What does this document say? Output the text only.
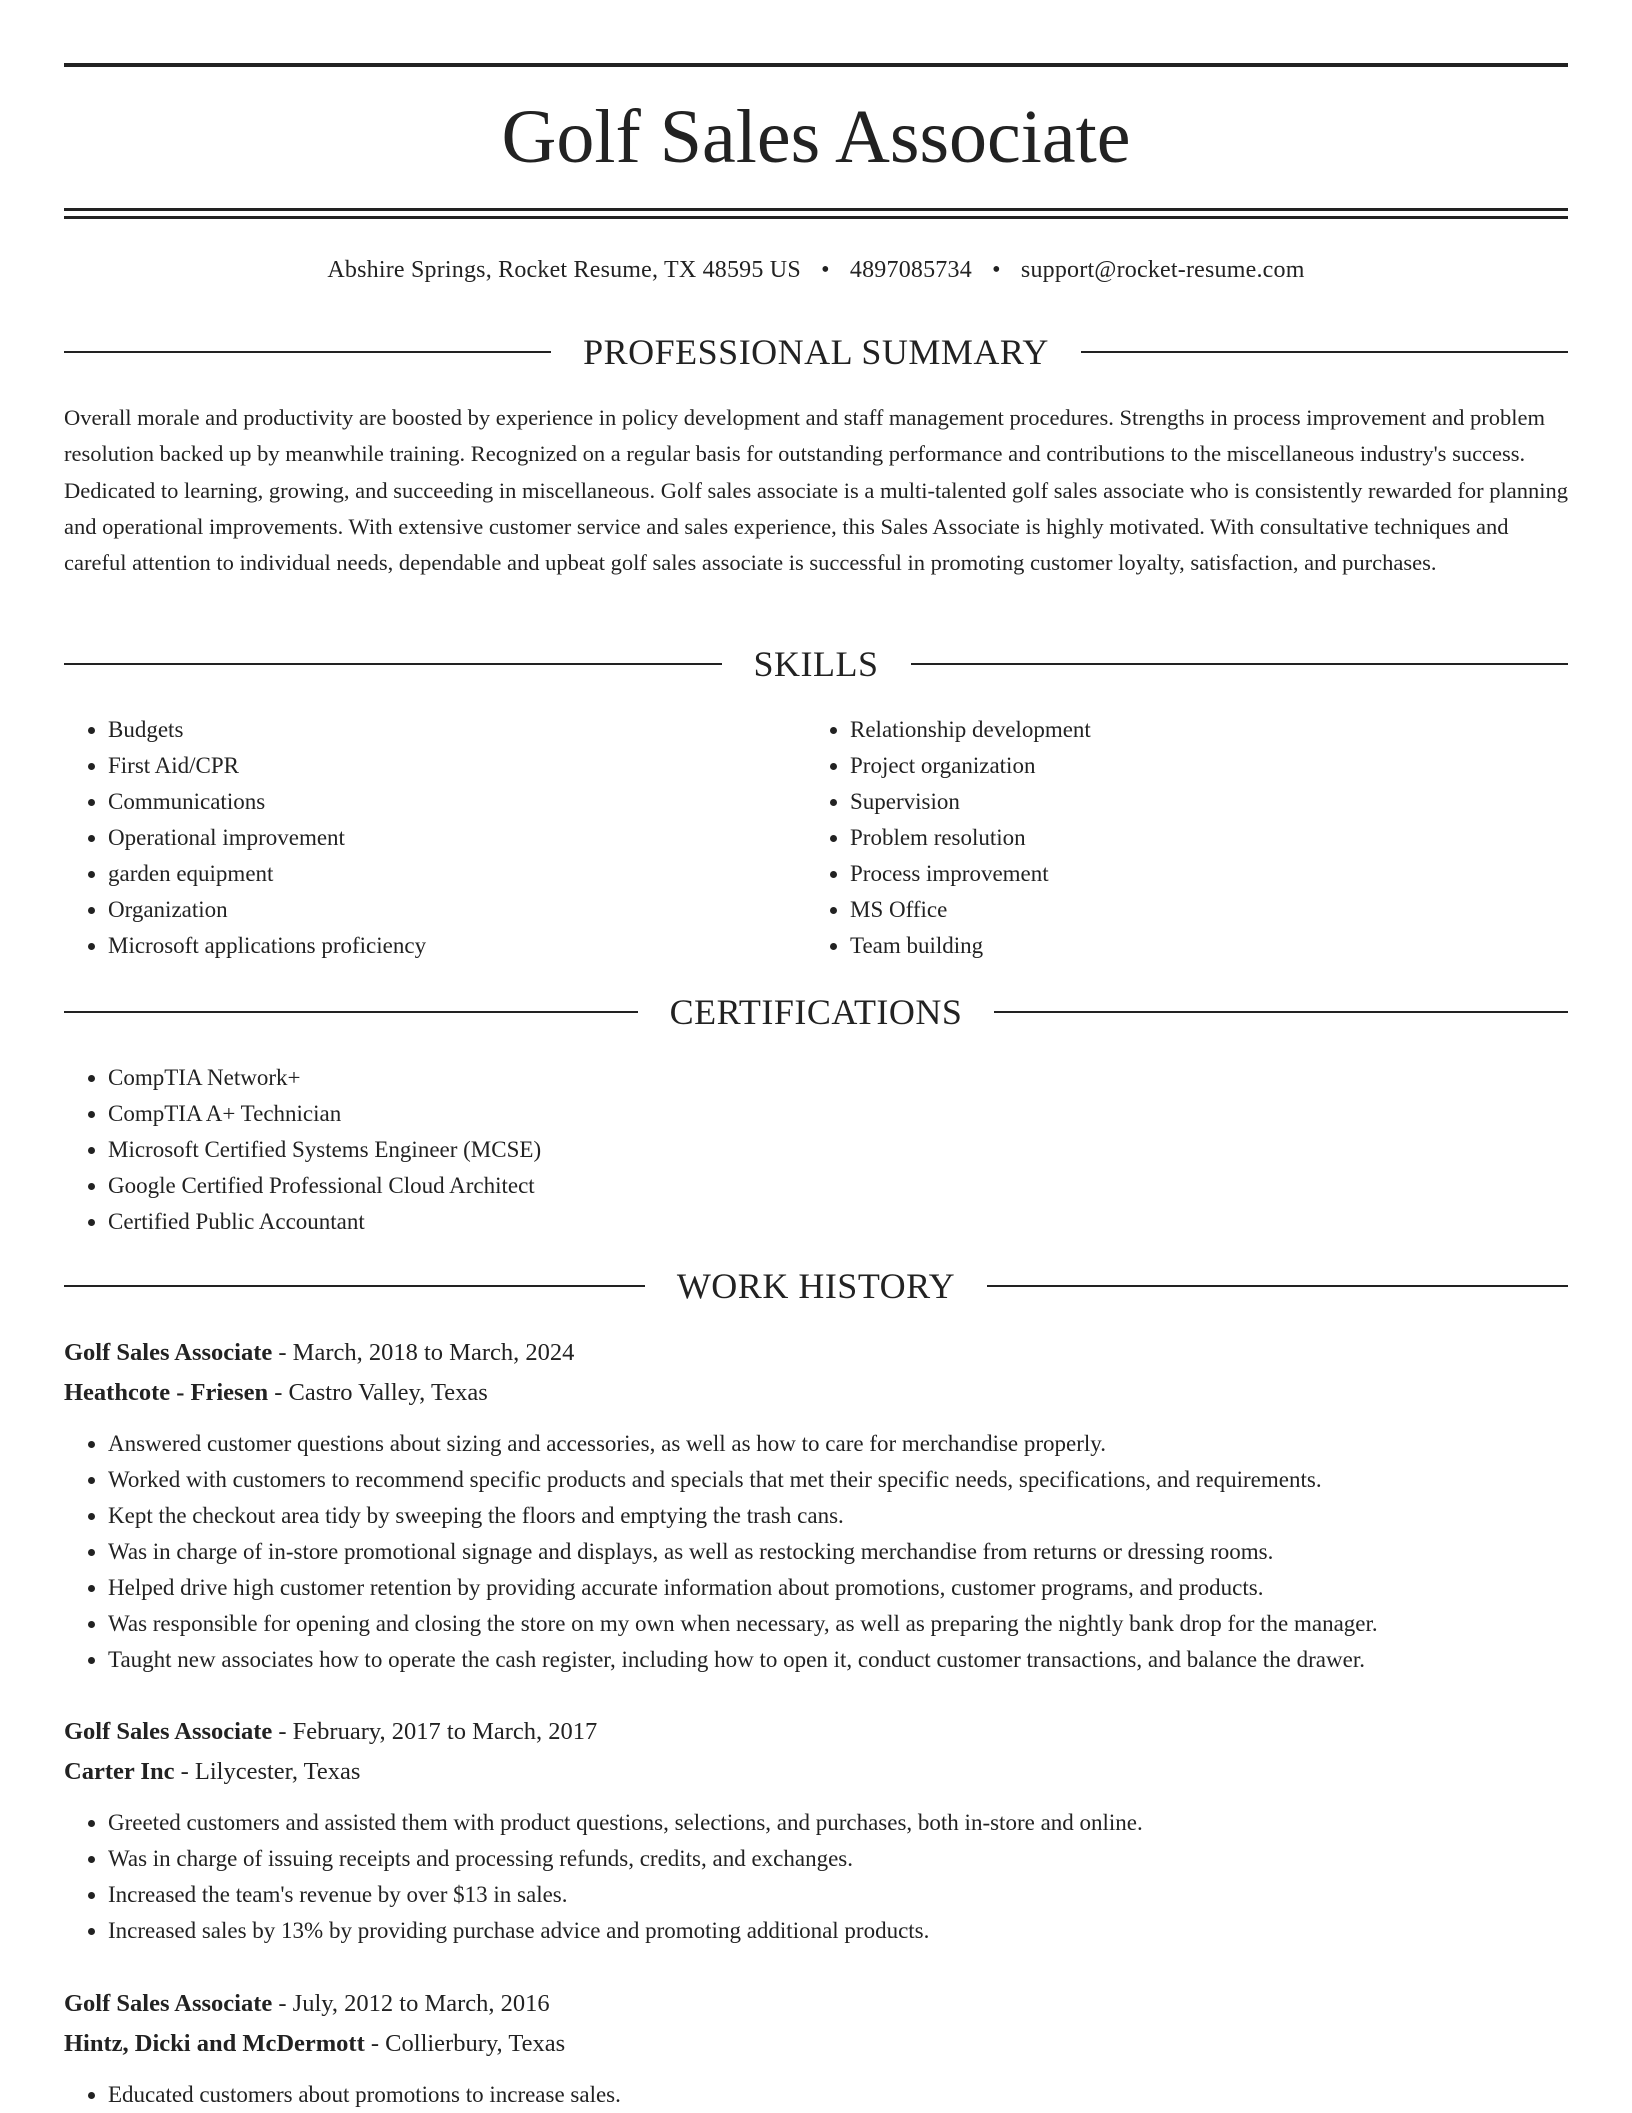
Golf Sales Associate
Abshire Springs, Rocket Resume, TX 48595 US • 4897085734 • support@rocket-resume.com
PROFESSIONAL SUMMARY

Overall morale and productivity are boosted by experience in policy development and staff management procedures. Strengths in process improvement and problem resolution backed up by meanwhile training. Recognized on a regular basis for outstanding performance and contributions to the miscellaneous industry's success. Dedicated to learning, growing, and succeeding in miscellaneous. Golf sales associate is a multi-talented golf sales associate who is consistently rewarded for planning and operational improvements. With extensive customer service and sales experience, this Sales Associate is highly motivated. With consultative techniques and careful attention to individual needs, dependable and upbeat golf sales associate is successful in promoting customer loyalty, satisfaction, and purchases.

SKILLS
• Budgets
• First Aid/CPR
• Communications
• Operational improvement
• garden equipment
• Organization
• Microsoft applications proficiency
• Relationship development
• Project organization
• Supervision
• Problem resolution
• Process improvement
• MS Office
• Team building
CERTIFICATIONS
• CompTIA Network+
• CompTIA A+ Technician
• Microsoft Certified Systems Engineer (MCSE)
• Google Certified Professional Cloud Architect
• Certified Public Accountant
WORK HISTORY
Golf Sales Associate - March, 2018 to March, 2024
Heathcote - Friesen - Castro Valley, Texas
• Answered customer questions about sizing and accessories, as well as how to care for merchandise properly.
• Worked with customers to recommend specific products and specials that met their specific needs, specifications, and requirements.
• Kept the checkout area tidy by sweeping the floors and emptying the trash cans.
• Was in charge of in-store promotional signage and displays, as well as restocking merchandise from returns or dressing rooms.
• Helped drive high customer retention by providing accurate information about promotions, customer programs, and products.
• Was responsible for opening and closing the store on my own when necessary, as well as preparing the nightly bank drop for the manager.
• Taught new associates how to operate the cash register, including how to open it, conduct customer transactions, and balance the drawer.
Golf Sales Associate - February, 2017 to March, 2017
Carter Inc - Lilycester, Texas
• Greeted customers and assisted them with product questions, selections, and purchases, both in-store and online.
• Was in charge of issuing receipts and processing refunds, credits, and exchanges.
• Increased the team's revenue by over $13 in sales.
• Increased sales by 13% by providing purchase advice and promoting additional products.
Golf Sales Associate - July, 2012 to March, 2016
Hintz, Dicki and McDermott - Collierbury, Texas
• Educated customers about promotions to increase sales.
